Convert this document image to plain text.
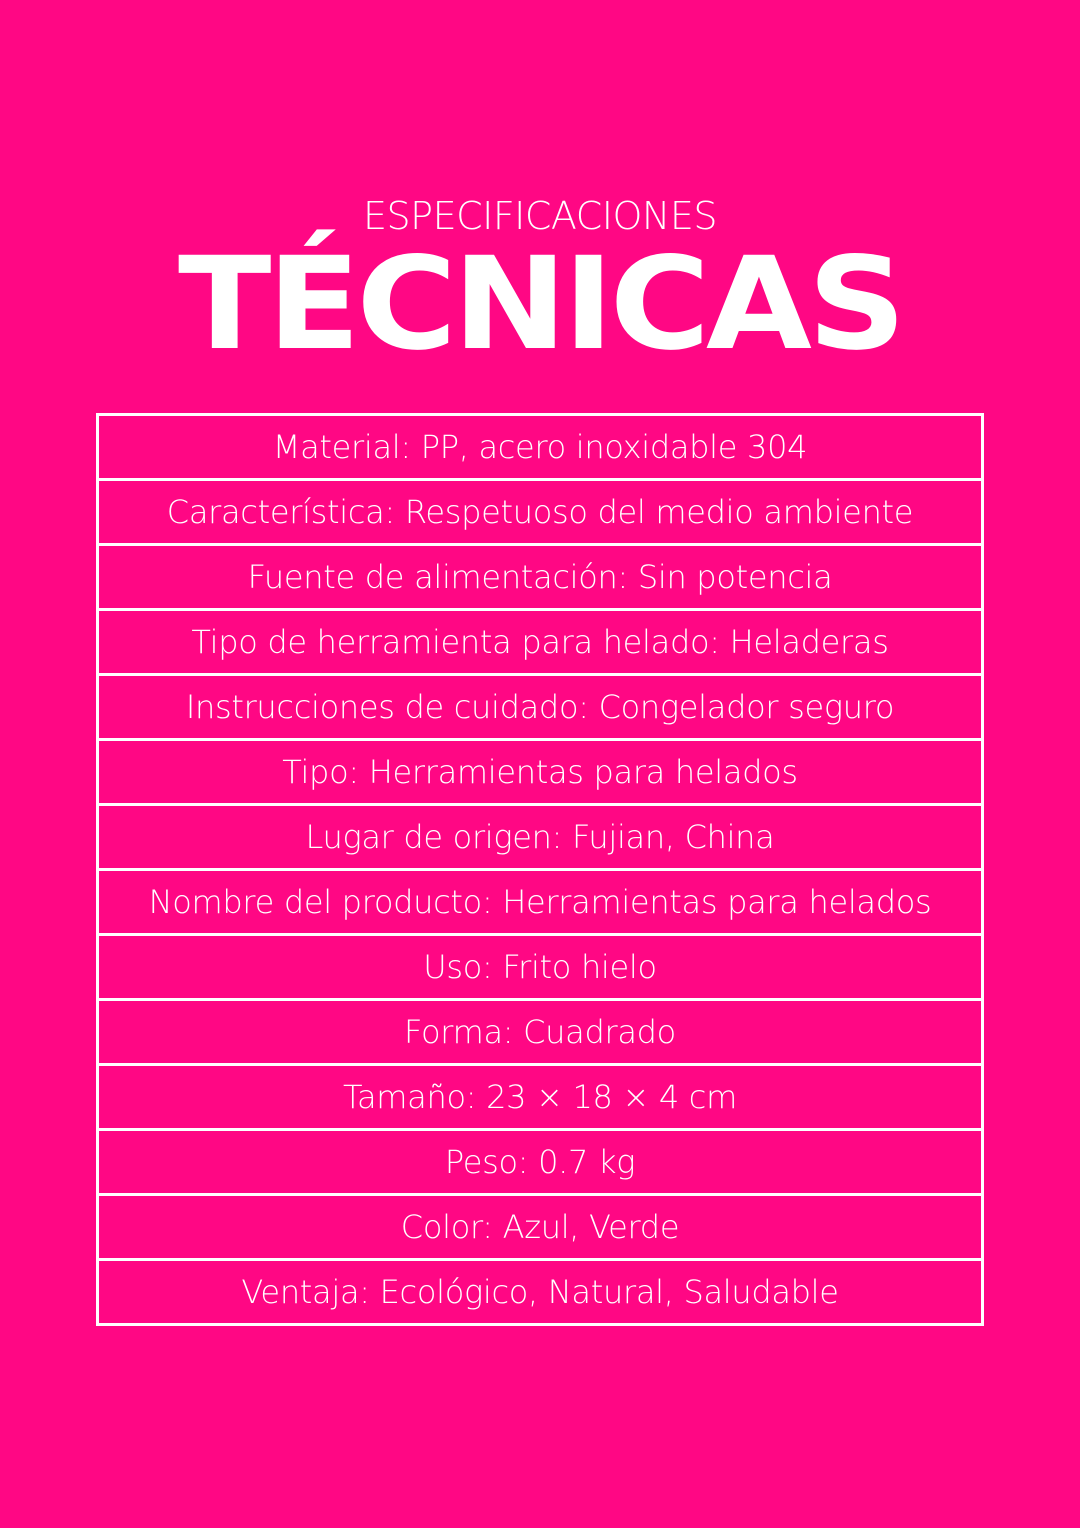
ESPECIFICACIONES
TÉCNICAS
Material: PP, acero inoxidable 304
Característica: Respetuoso del medio ambiente
Fuente de alimentación: Sin potencia
Tipo de herramienta para helado: Heladeras
Instrucciones de cuidado: Congelador seguro
Tipo: Herramientas para helados
Lugar de origen: Fujian, China
Nombre del producto: Herramientas para helados
Uso: Frito hielo
Forma: Cuadrado
Tamaño: 23 × 18 × 4 cm
Peso: 0.7 kg
Color: Azul, Verde
Ventaja: Ecológico, Natural, Saludable
